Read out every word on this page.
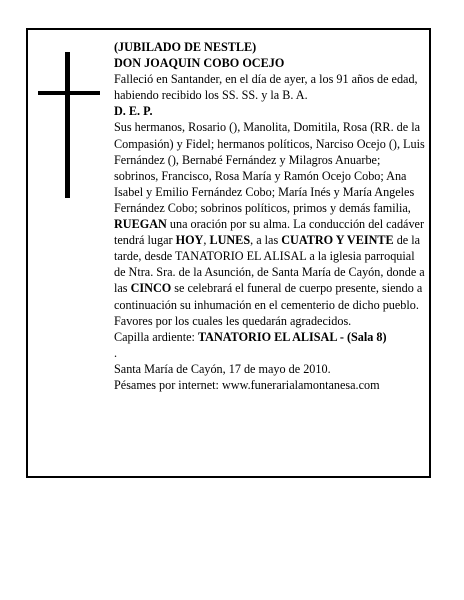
(JUBILADO DE NESTLE)

DON JOAQUIN COBO OCEJO

Falleció en Santander, en el día de ayer, a los 91 años de edad, habiendo recibido los SS. SS. y la B. A.

D. E. P.

Sus hermanos, Rosario (), Manolita, Domitila, Rosa (RR. de la Compasión) y Fidel; hermanos políticos, Narciso Ocejo (), Luis Fernández (), Bernabé Fernández y Milagros Anuarbe; sobrinos, Francisco, Rosa María y Ramón Ocejo Cobo; Ana Isabel y Emilio Fernández Cobo; María Inés y María Angeles Fernández Cobo; sobrinos políticos, primos y demás familia,

RUEGAN una oración por su alma. La conducción del cadáver tendrá lugar HOY, LUNES, a las CUATRO Y VEINTE de la tarde, desde TANATORIO EL ALISAL a la iglesia parroquial de Ntra. Sra. de la Asunción, de Santa María de Cayón, donde a las CINCO se celebrará el funeral de cuerpo presente, siendo a continuación su inhumación en el cementerio de dicho pueblo. Favores por los cuales les quedarán agradecidos.

Capilla ardiente: TANATORIO EL ALISAL - (Sala 8)

.

Santa María de Cayón, 17 de mayo de 2010.

Pésames por internet: www.funerarialamontanesa.com
